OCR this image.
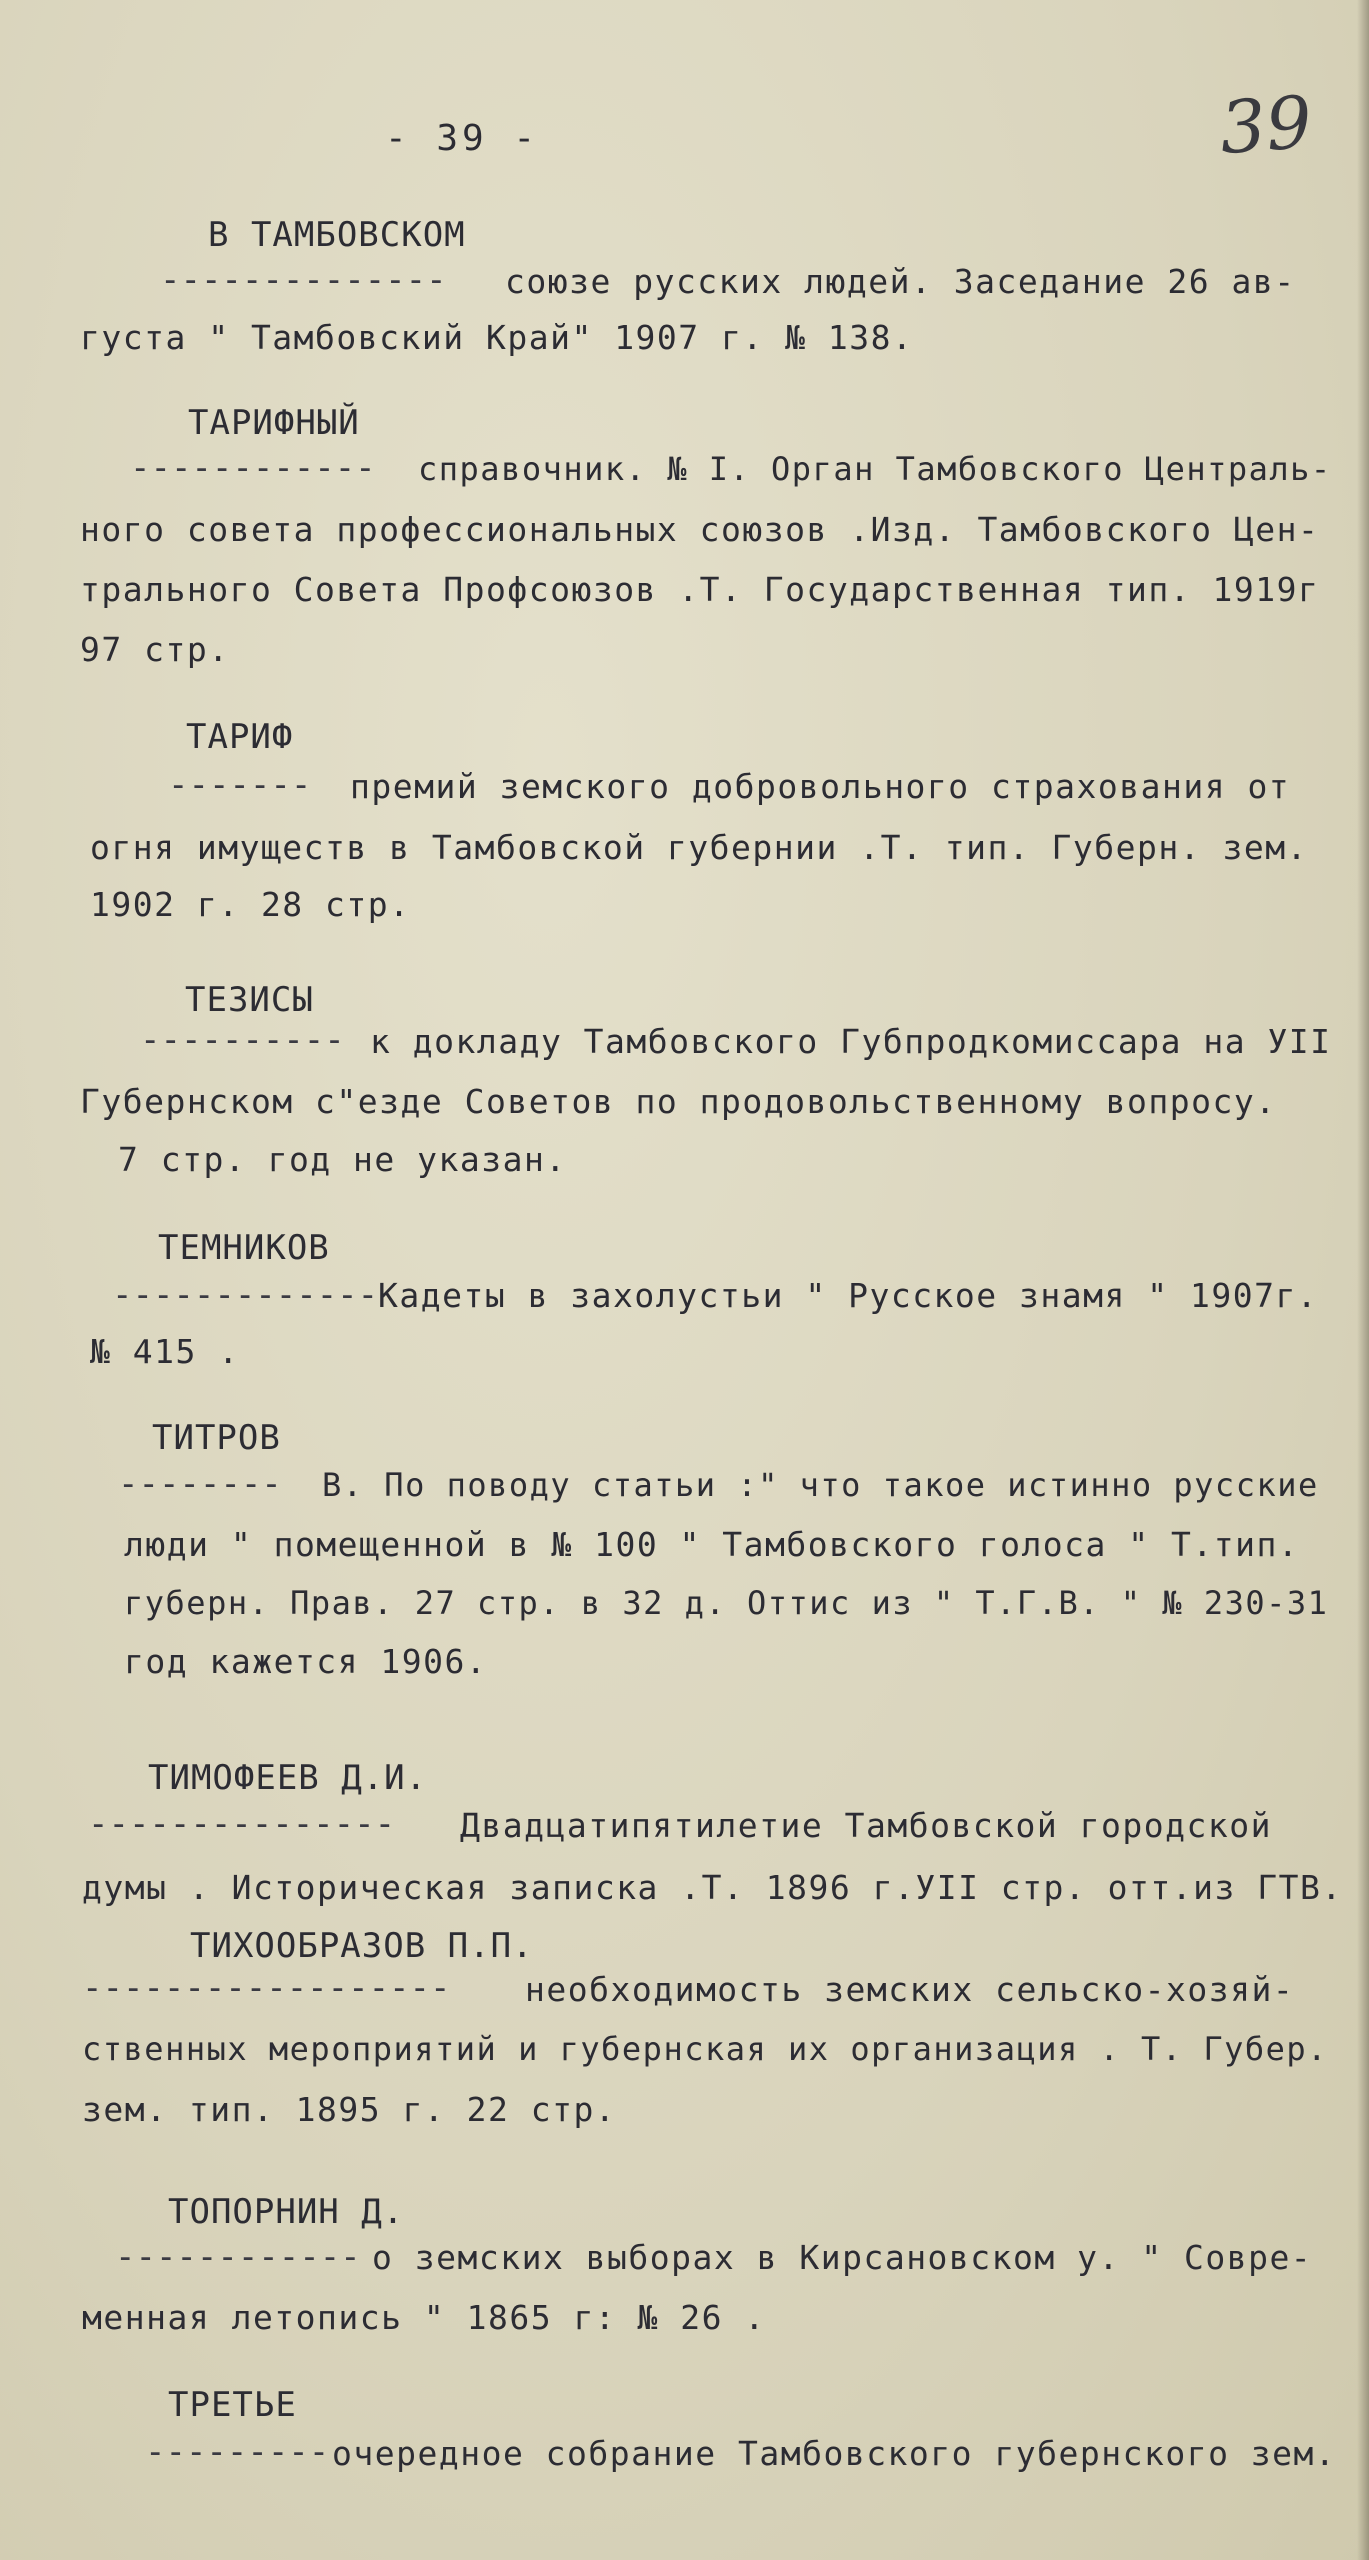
- 39 -	39
В ТАМБОВСКОМ
-------------- союзе русских людей. Заседание 26 ав-
густа " Тамбовский Край" 1907 г. № 138.
ТАРИФНЫЙ
------------ справочник. № I. Орган Тамбовского Централь-
ного совета профессиональных союзов .Изд. Тамбовского Цен-
трального Совета Профсоюзов .Т. Государственная тип. 1919г
97 стр.
ТАРИФ
------- премий земского добровольного страхования от
огня имуществ в Тамбовской губернии .Т. тип. Губерн. зем.
1902 г. 28 стр.
ТЕЗИСЫ
---------- к докладу Тамбовского Губпродкомиссара на УII
Губернском с"езде Советов по продовольственному вопросу.
7 стр. год не указан.
ТЕМНИКОВ
------------- Кадеты в захолустьи " Русское знамя " 1907г.
№ 415 .
ТИТРОВ
-------- В. По поводу статьи :" что такое истинно русские
люди " помещенной в № 100 " Тамбовского голоса " Т.тип.
губерн. Прав. 27 стр. в 32 д. Оттис из " Т.Г.В. " № 230-31
год кажется 1906.
ТИМОФЕЕВ Д.И.
--------------- Двадцатипятилетие Тамбовской городской
думы . Историческая записка .Т. 1896 г.УII стр. отт.из ГТВ.
ТИХООБРАЗОВ П.П.
------------------ необходимость земских сельско-хозяй-
ственных мероприятий и губернская их организация . Т. Губер.
зем. тип. 1895 г. 22 стр.
ТОПОРНИН Д.
------------ о земских выборах в Кирсановском у. " Совре-
менная летопись " 1865 г: № 26 .
ТРЕТЬЕ
--------- очередное собрание Тамбовского губернского зем.
